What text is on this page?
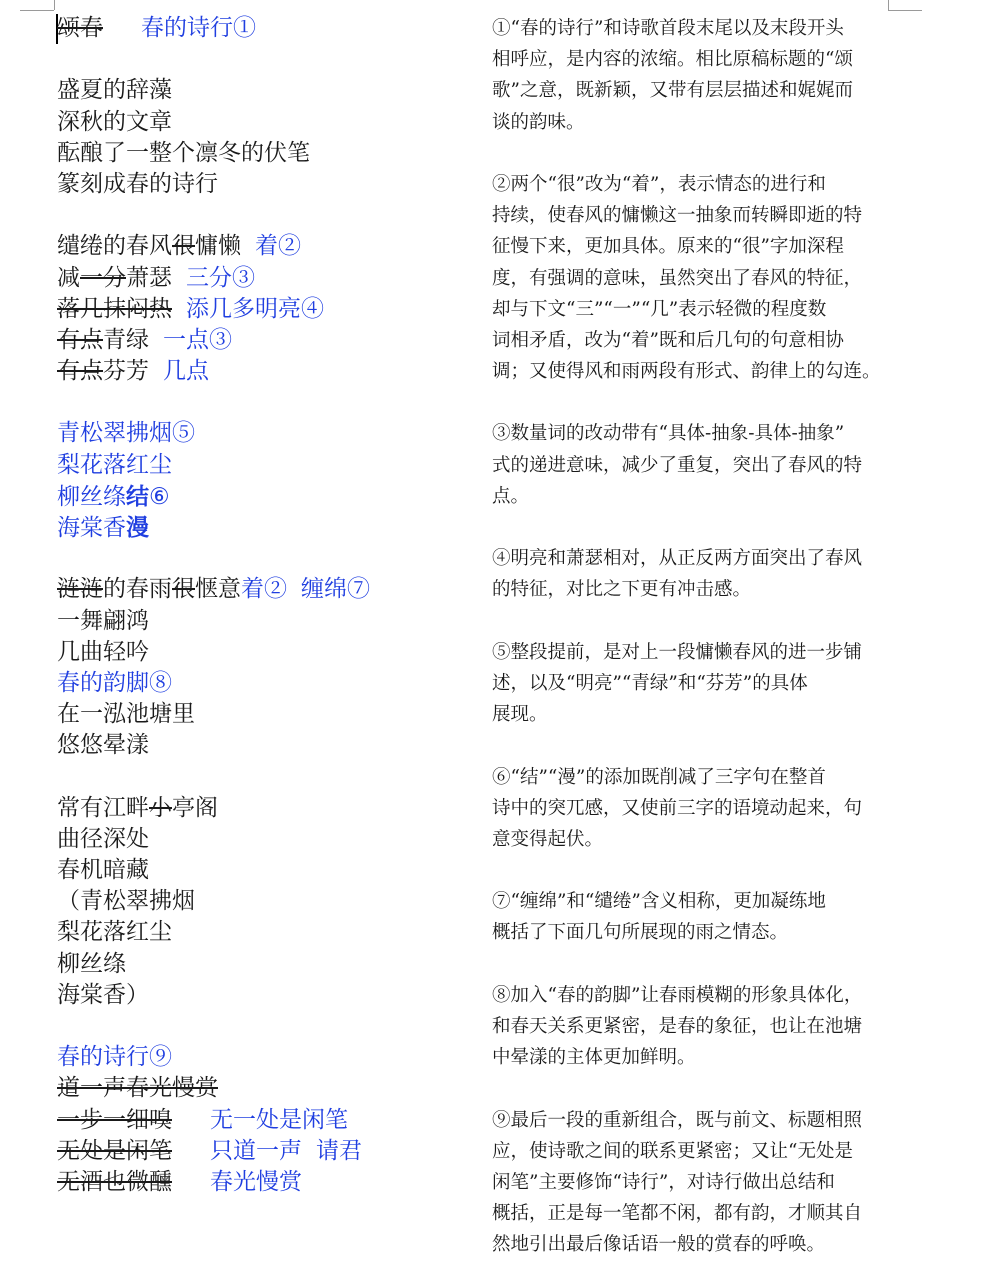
颂春 春的诗行①
盛夏的辞藻
深秋的文章
酝酿了一整个凛冬的伏笔
篆刻成春的诗行
缱绻的春风很慵懒 着②
减一分萧瑟 三分③
落几抹闷热 添几多明亮④
有点青绿 一点③
有点芬芳 几点
青松翠拂烟⑤
梨花落红尘
柳丝绦结⑥
海棠香漫
涟涟的春雨很惬意着② 缠绵⑦
一舞翩鸿
几曲轻吟
春的韵脚⑧
在一泓池塘里
悠悠晕漾
常有江畔小亭阁
曲径深处
春机暗藏
（青松翠拂烟
梨花落红尘
柳丝绦
海棠香）
春的诗行⑨
道一声春光慢赏
一步一细嗅 无一处是闲笔
无处是闲笔 只道一声 请君
无酒也微醺 春光慢赏
①“春的诗行”和诗歌首段末尾以及末段开头
相呼应，是内容的浓缩。相比原稿标题的“颂
歌”之意，既新颖，又带有层层描述和娓娓而
谈的韵味。
②两个“很”改为“着”，表示情态的进行和
持续，使春风的慵懒这一抽象而转瞬即逝的特
征慢下来，更加具体。原来的“很”字加深程
度，有强调的意味，虽然突出了春风的特征，
却与下文“三”“一”“几”表示轻微的程度数
词相矛盾，改为“着”既和后几句的句意相协
调；又使得风和雨两段有形式、韵律上的勾连。
③数量词的改动带有“具体-抽象-具体-抽象”
式的递进意味，减少了重复，突出了春风的特
点。
④明亮和萧瑟相对，从正反两方面突出了春风
的特征，对比之下更有冲击感。
⑤整段提前，是对上一段慵懒春风的进一步铺
述，以及“明亮”“青绿”和“芬芳”的具体
展现。
⑥“结”“漫”的添加既削减了三字句在整首
诗中的突兀感，又使前三字的语境动起来，句
意变得起伏。
⑦“缠绵”和“缱绻”含义相称，更加凝练地
概括了下面几句所展现的雨之情态。
⑧加入“春的韵脚”让春雨模糊的形象具体化，
和春天关系更紧密，是春的象征，也让在池塘
中晕漾的主体更加鲜明。
⑨最后一段的重新组合，既与前文、标题相照
应，使诗歌之间的联系更紧密；又让“无处是
闲笔”主要修饰“诗行”，对诗行做出总结和
概括，正是每一笔都不闲，都有韵，才顺其自
然地引出最后像话语一般的赏春的呼唤。
